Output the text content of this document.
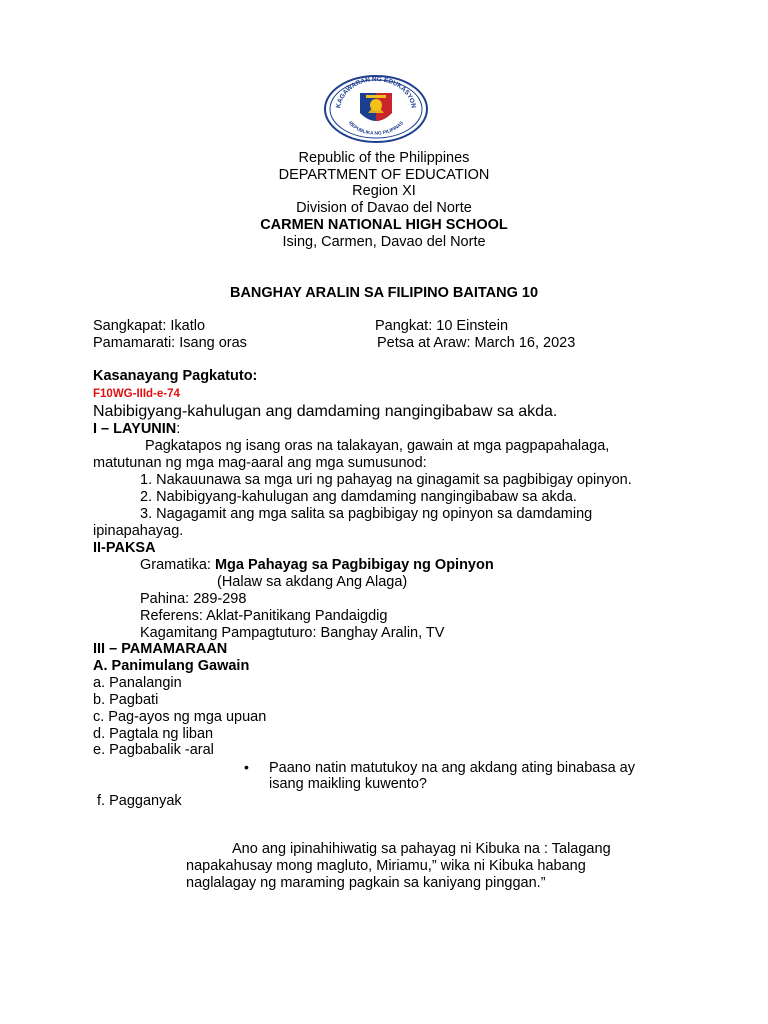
KAGAWARAN NG EDUKASYON
REPUBLIKA NG PILIPINAS
Republic of the Philippines
DEPARTMENT OF EDUCATION
Region XI
Division of Davao del Norte
CARMEN NATIONAL HIGH SCHOOL
Ising, Carmen, Davao del Norte
BANGHAY ARALIN SA FILIPINO BAITANG 10
Sangkapat: Ikatlo
Pamamarati: Isang oras
Pangkat: 10 Einstein
Petsa at Araw: March 16, 2023
Kasanayang Pagkatuto:
F10WG-IIId-e-74
Nabibigyang-kahulugan ang damdaming nangingibabaw sa akda.
I – LAYUNIN:
Pagkatapos ng isang oras na talakayan, gawain at mga pagpapahalaga,
matutunan ng mga mag-aaral ang mga sumusunod:
1. Nakauunawa sa mga uri ng pahayag na ginagamit sa pagbibigay opinyon.
2. Nabibigyang-kahulugan ang damdaming nangingibabaw sa akda.
3. Nagagamit ang mga salita sa pagbibigay ng opinyon sa damdaming
ipinapahayag.
II-PAKSA
Gramatika: Mga Pahayag sa Pagbibigay ng Opinyon
(Halaw sa akdang Ang Alaga)
Pahina: 289-298
Referens: Aklat-Panitikang Pandaigdig
Kagamitang Pampagtuturo: Banghay Aralin, TV
III – PAMAMARAAN
A. Panimulang Gawain
a. Panalangin
b. Pagbati
c. Pag-ayos ng mga upuan
d. Pagtala ng liban
e. Pagbabalik -aral
• Paano natin matutukoy na ang akdang ating binabasa ay
isang maikling kuwento?
f. Pagganyak
Ano ang ipinahihiwatig sa pahayag ni Kibuka na : Talagang
napakahusay mong magluto, Miriamu,” wika ni Kibuka habang
naglalagay ng maraming pagkain sa kaniyang pinggan.”
